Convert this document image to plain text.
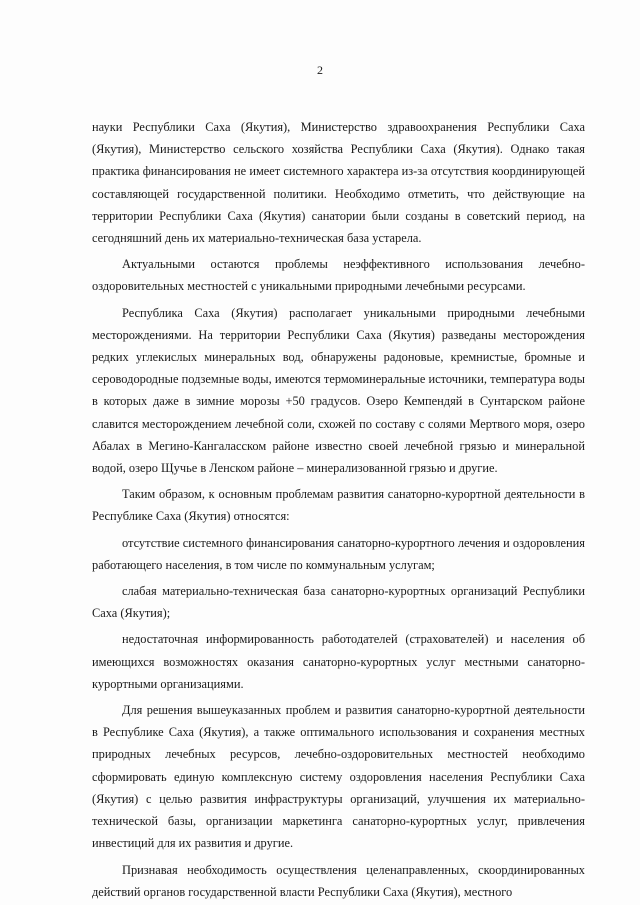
2

науки Республики Саха (Якутия), Министерство здравоохранения Республики Саха (Якутия), Министерство сельского хозяйства Республики Саха (Якутия). Однако такая практика финансирования не имеет системного характера из-за отсутствия координирующей составляющей государственной политики. Необходимо отметить, что действующие на территории Республики Саха (Якутия) санатории были созданы в советский период, на сегодняшний день их материально-техническая база устарела.

Актуальными остаются проблемы неэффективного использования лечебно-оздоровительных местностей с уникальными природными лечебными ресурсами.

Республика Саха (Якутия) располагает уникальными природными лечебными месторождениями. На территории Республики Саха (Якутия) разведаны месторождения редких углекислых минеральных вод, обнаружены радоновые, кремнистые, бромные и сероводородные подземные воды, имеются термоминеральные источники, температура воды в которых даже в зимние морозы +50 градусов. Озеро Кемпендяй в Сунтарском районе славится месторождением лечебной соли, схожей по составу с солями Мертвого моря, озеро Абалах в Мегино-Кангаласском районе известно своей лечебной грязью и минеральной водой, озеро Щучье в Ленском районе – минерализованной грязью и другие.

Таким образом, к основным проблемам развития санаторно-курортной деятельности в Республике Саха (Якутия) относятся:

отсутствие системного финансирования санаторно-курортного лечения и оздоровления работающего населения, в том числе по коммунальным услугам;

слабая материально-техническая база санаторно-курортных организаций Республики Саха (Якутия);

недостаточная информированность работодателей (страхователей) и населения об имеющихся возможностях оказания санаторно-курортных услуг местными санаторно-курортными организациями.

Для решения вышеуказанных проблем и развития санаторно-курортной деятельности в Республике Саха (Якутия), а также оптимального использования и сохранения местных природных лечебных ресурсов, лечебно-оздоровительных местностей необходимо сформировать единую комплексную систему оздоровления населения Республики Саха (Якутия) с целью развития инфраструктуры организаций, улучшения их материально-технической базы, организации маркетинга санаторно-курортных услуг, привлечения инвестиций для их развития и другие.

Признавая необходимость осуществления целенаправленных, скоординированных действий органов государственной власти Республики Саха (Якутия), местного
